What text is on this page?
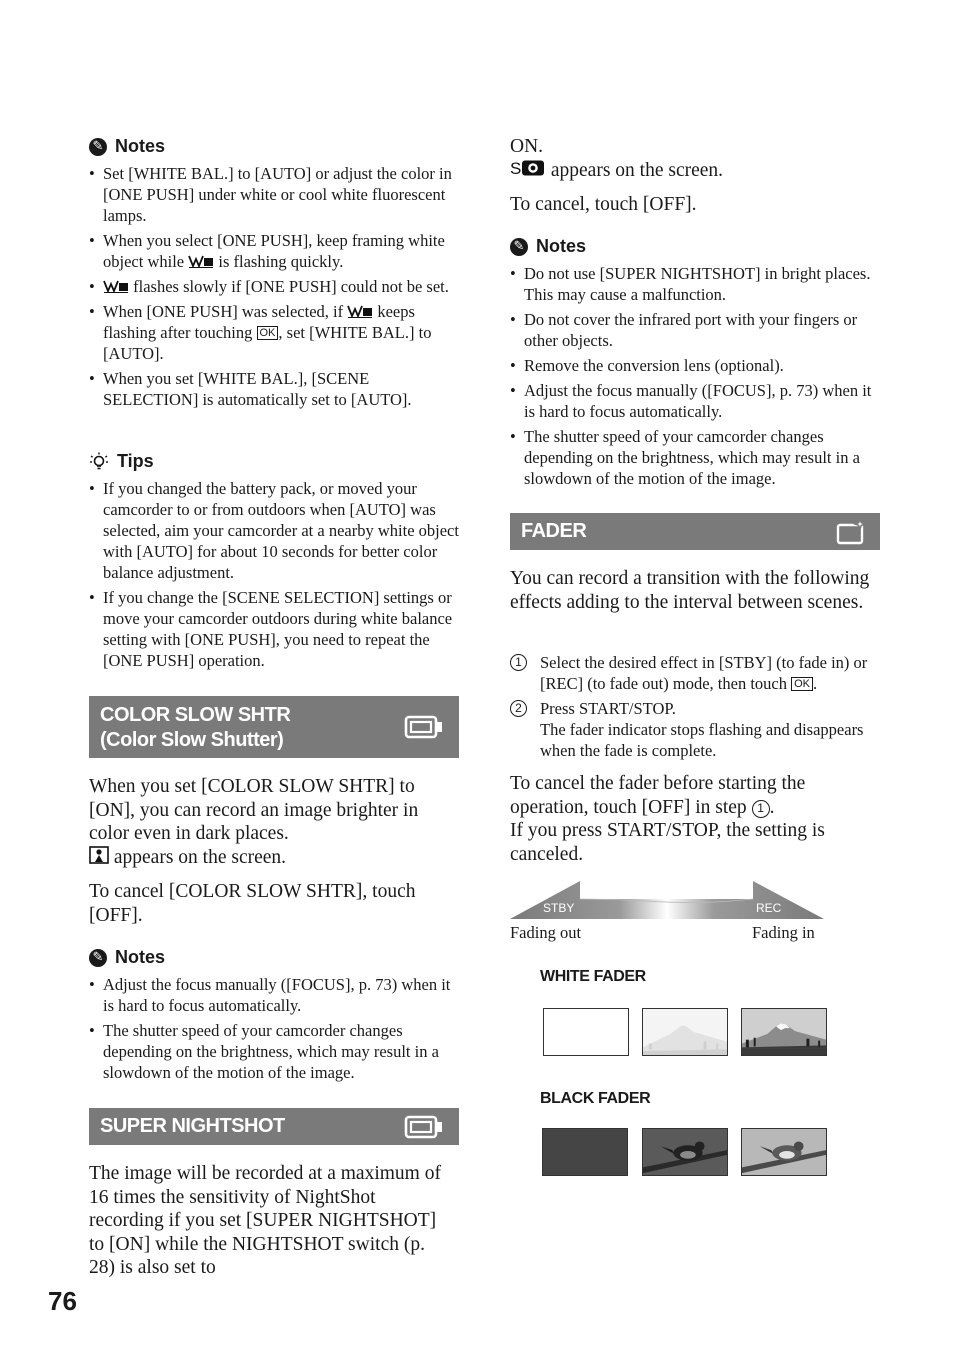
✎ Notes
• Set [WHITE BAL.] to [AUTO] or adjust the color in [ONE PUSH] under white or cool white fluorescent lamps.
• When you select [ONE PUSH], keep framing white object while  is flashing quickly.
• flashes slowly if [ONE PUSH] could not be set.
• When [ONE PUSH] was selected, if  keeps flashing after touching OK , set [WHITE BAL.] to [AUTO].
• When you set [WHITE BAL.], [SCENE SELECTION] is automatically set to [AUTO].
Tips
• If you changed the battery pack, or moved your camcorder to or from outdoors when [AUTO] was selected, aim your camcorder at a nearby white object with [AUTO] for about 10 seconds for better color balance adjustment.
• If you change the [SCENE SELECTION] settings or move your camcorder outdoors during white balance setting with [ONE PUSH], you need to repeat the [ONE PUSH] operation.
COLOR SLOW SHTR
(Color Slow Shutter)
When you set [COLOR SLOW SHTR] to [ON], you can record an image brighter in color even in dark places.
appears on the screen.
To cancel [COLOR SLOW SHTR], touch [OFF].
✎ Notes
• Adjust the focus manually ([FOCUS], p. 73) when it is hard to focus automatically.
• The shutter speed of your camcorder changes depending on the brightness, which may result in a slowdown of the motion of the image.
SUPER NIGHTSHOT
The image will be recorded at a maximum of 16 times the sensitivity of NightShot recording if you set [SUPER NIGHTSHOT] to [ON] while the NIGHTSHOT switch (p. 28) is also set to
76
ON.
S appears on the screen.
To cancel, touch [OFF].
✎ Notes
• Do not use [SUPER NIGHTSHOT] in bright places. This may cause a malfunction.
• Do not cover the infrared port with your fingers or other objects.
• Remove the conversion lens (optional).
• Adjust the focus manually ([FOCUS], p. 73) when it is hard to focus automatically.
• The shutter speed of your camcorder changes depending on the brightness, which may result in a slowdown of the motion of the image.
FADER
You can record a transition with the following effects adding to the interval between scenes.
1	Select the desired effect in [STBY] (to fade in) or [REC] (to fade out) mode, then touch OK .
2	Press START/STOP.
The fader indicator stops flashing and disappears when the fade is complete.
To cancel the fader before starting the operation, touch [OFF] in step 1 .
If you press START/STOP, the setting is canceled.
STBY	REC
Fading out	Fading in
WHITE FADER
BLACK FADER
